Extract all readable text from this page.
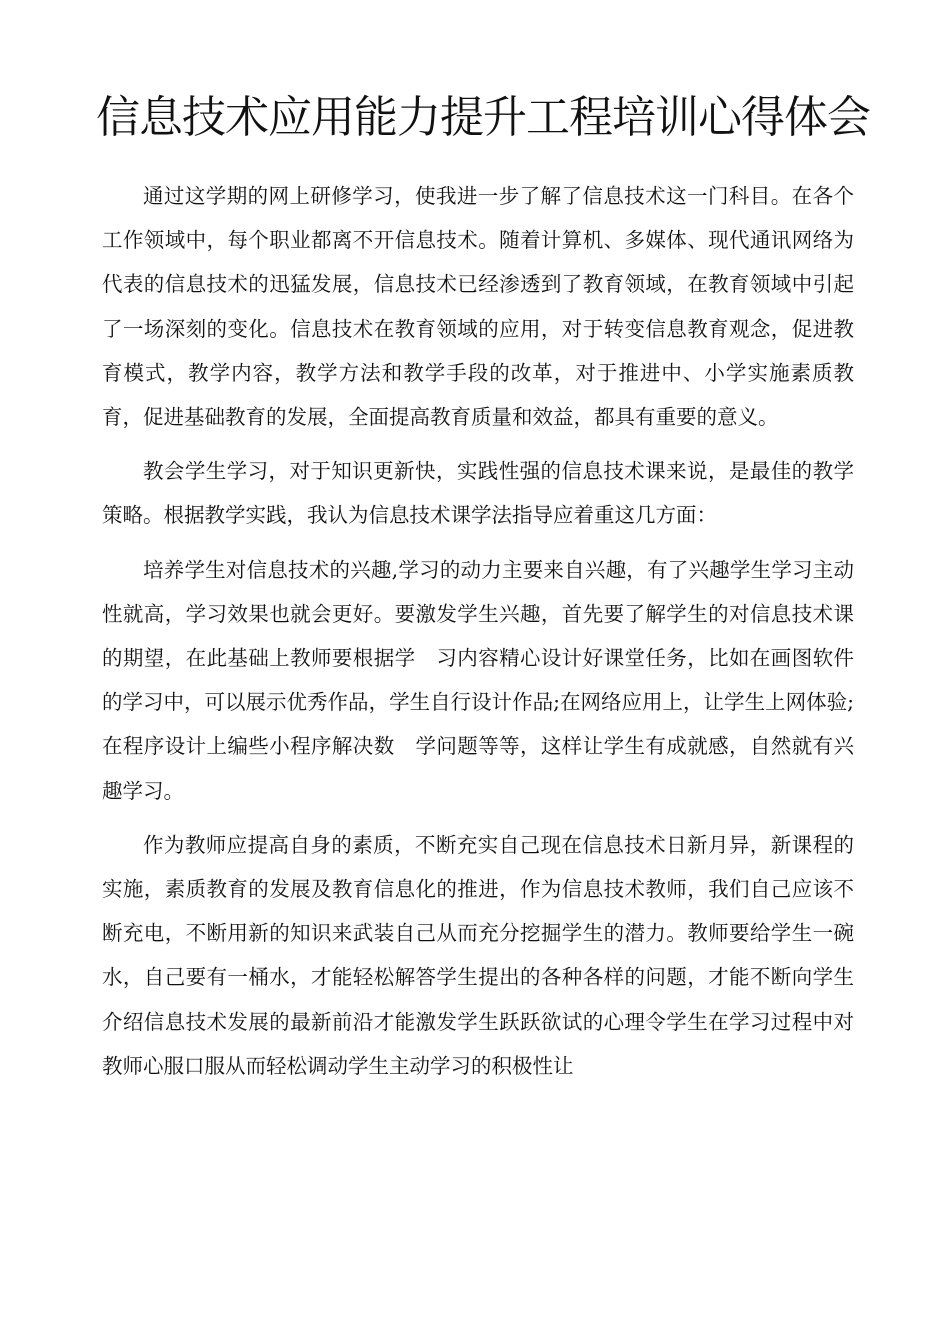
信息技术应用能力提升工程培训心得体会

通过这学期的网上研修学习，使我进一步了解了信息技术这一门科目。在各个工作领域中，每个职业都离不开信息技术。随着计算机、多媒体、现代通讯网络为代表的信息技术的迅猛发展，信息技术已经渗透到了教育领域，在教育领域中引起了一场深刻的变化。信息技术在教育领域的应用，对于转变信息教育观念，促进教育模式，教学内容，教学方法和教学手段的改革，对于推进中、小学实施素质教育，促进基础教育的发展，全面提高教育质量和效益，都具有重要的意义。

教会学生学习，对于知识更新快，实践性强的信息技术课来说，是最佳的教学策略。根据教学实践，我认为信息技术课学法指导应着重这几方面：

培养学生对信息技术的兴趣,学习的动力主要来自兴趣，有了兴趣学生学习主动性就高，学习效果也就会更好。要激发学生兴趣，首先要了解学生的对信息技术课的期望，在此基础上教师要根据学　习内容精心设计好课堂任务，比如在画图软件的学习中，可以展示优秀作品，学生自行设计作品;在网络应用上，让学生上网体验;在程序设计上编些小程序解决数　学问题等等，这样让学生有成就感，自然就有兴趣学习。

作为教师应提高自身的素质，不断充实自己现在信息技术日新月异，新课程的实施，素质教育的发展及教育信息化的推进，作为信息技术教师，我们自己应该不断充电，不断用新的知识来武装自己从而充分挖掘学生的潜力。教师要给学生一碗水，自己要有一桶水，才能轻松解答学生提出的各种各样的问题，才能不断向学生介绍信息技术发展的最新前沿才能激发学生跃跃欲试的心理令学生在学习过程中对教师心服口服从而轻松调动学生主动学习的积极性让
